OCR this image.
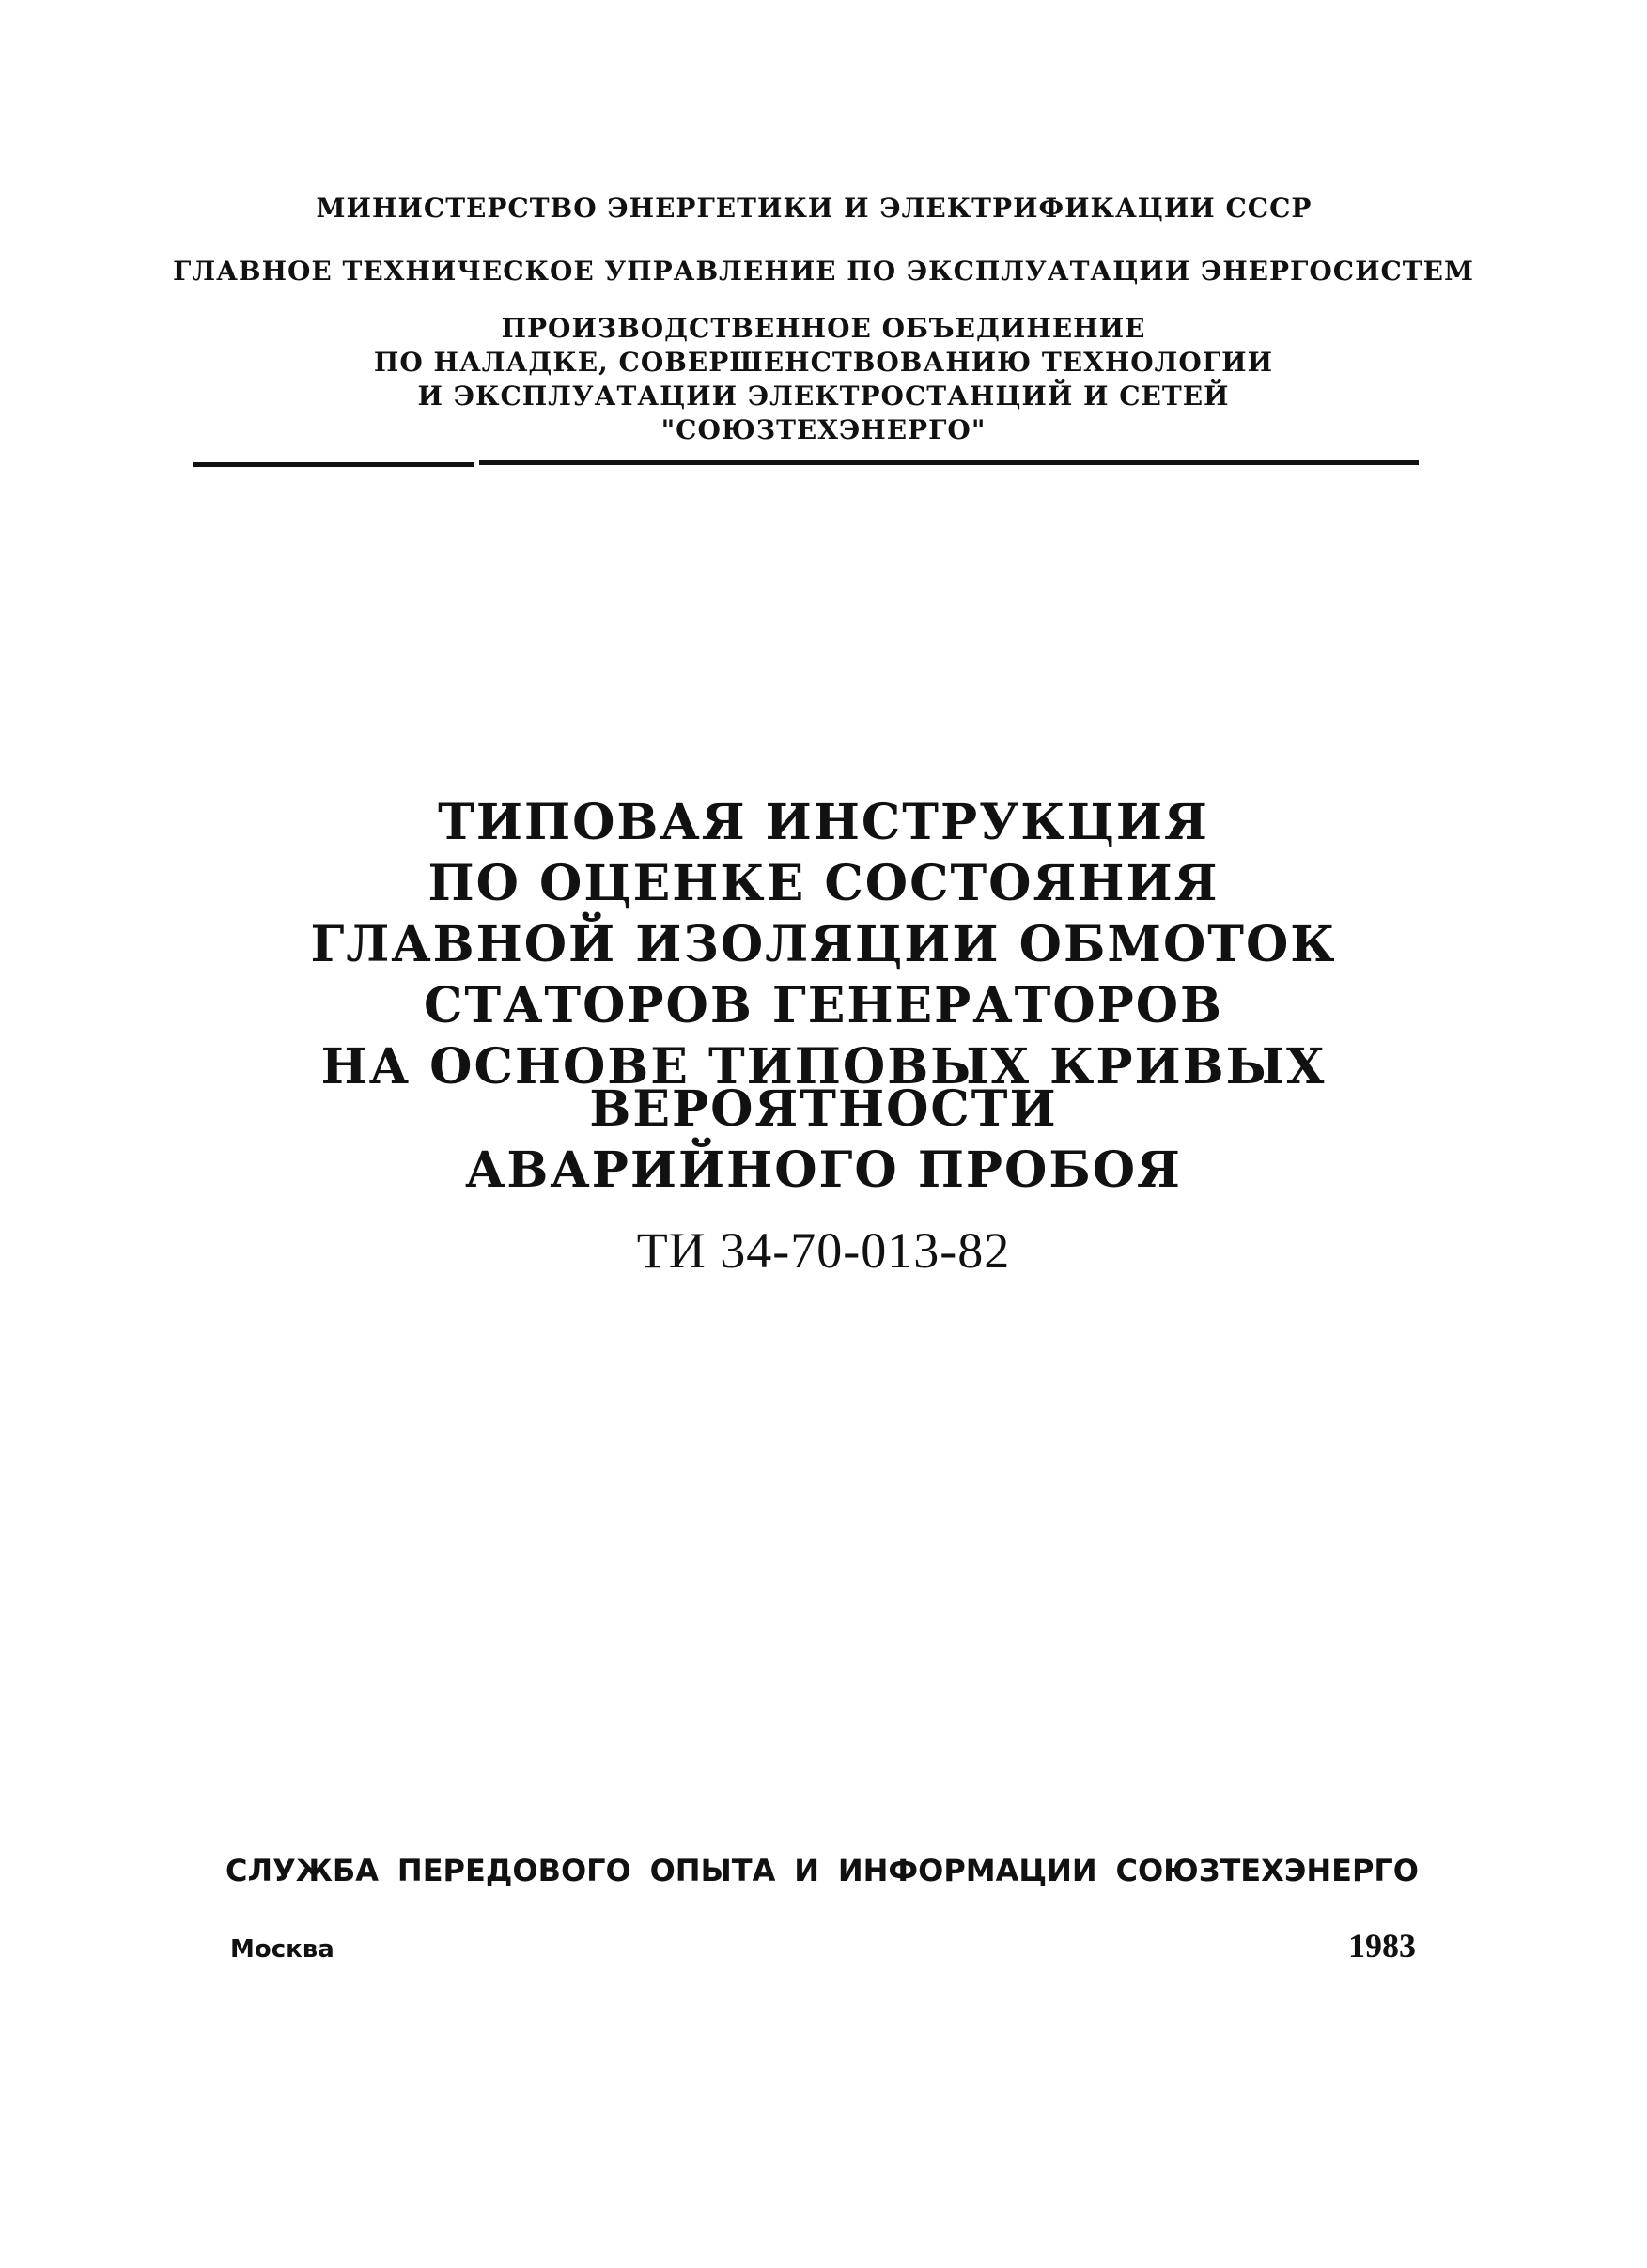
МИНИСТЕРСТВО ЭНЕРГЕТИКИ И ЭЛЕКТРИФИКАЦИИ СССР
ГЛАВНОЕ ТЕХНИЧЕСКОЕ УПРАВЛЕНИЕ ПО ЭКСПЛУАТАЦИИ ЭНЕРГОСИСТЕМ
ПРОИЗВОДСТВЕННОЕ ОБЪЕДИНЕНИЕ
ПО НАЛАДКЕ, СОВЕРШЕНСТВОВАНИЮ ТЕХНОЛОГИИ
И ЭКСПЛУАТАЦИИ ЭЛЕКТРОСТАНЦИЙ И СЕТЕЙ
"СОЮЗТЕХЭНЕРГО"
ТИПОВАЯ ИНСТРУКЦИЯ
ПО ОЦЕНКЕ СОСТОЯНИЯ
ГЛАВНОЙ ИЗОЛЯЦИИ ОБМОТОК
СТАТОРОВ ГЕНЕРАТОРОВ
НА ОСНОВЕ ТИПОВЫХ КРИВЫХ
ВЕРОЯТНОСТИ
АВАРИЙНОГО ПРОБОЯ
ТИ 34-70-013-82
СЛУЖБА ПЕРЕДОВОГО ОПЫТА И ИНФОРМАЦИИ СОЮЗТЕХЭНЕРГО
Москва	1983
